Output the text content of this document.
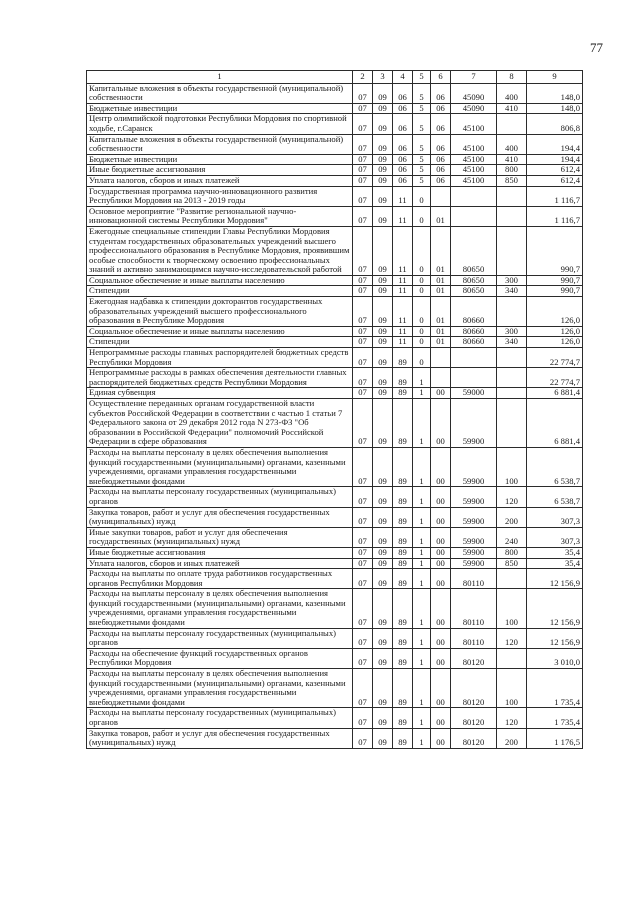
77
1	2	3	4	5	6	7	8	9
Капитальные вложения в объекты государственной (муниципальной) собственности	07	09	06	5	06	45090	400	148,0
Бюджетные инвестиции	07	09	06	5	06	45090	410	148,0
Центр олимпийской подготовки Республики Мордовия по спортивной ходьбе, г.Саранск	07	09	06	5	06	45100		806,8
Капитальные вложения в объекты государственной (муниципальной) собственности	07	09	06	5	06	45100	400	194,4
Бюджетные инвестиции	07	09	06	5	06	45100	410	194,4
Иные бюджетные ассигнования	07	09	06	5	06	45100	800	612,4
Уплата налогов, сборов и иных платежей	07	09	06	5	06	45100	850	612,4
Государственная программа научно-инновационного развития Республики Мордовия на 2013 - 2019 годы	07	09	11	0				1 116,7
Основное мероприятие "Развитие региональной научно-инновационной системы Республики Мордовия"	07	09	11	0	01			1 116,7
Ежегодные специальные стипендии Главы Республики Мордовия студентам государственных образовательных учреждений высшего профессионального образования в Республике Мордовия, проявившим особые способности к творческому освоению профессиональных знаний и активно занимающимся научно-исследовательской работой	07	09	11	0	01	80650		990,7
Социальное обеспечение и иные выплаты населению	07	09	11	0	01	80650	300	990,7
Стипендии	07	09	11	0	01	80650	340	990,7
Ежегодная надбавка к стипендии докторантов государственных образовательных учреждений высшего профессионального образования в Республике Мордовия	07	09	11	0	01	80660		126,0
Социальное обеспечение и иные выплаты населению	07	09	11	0	01	80660	300	126,0
Стипендии	07	09	11	0	01	80660	340	126,0
Непрограммные расходы главных распорядителей бюджетных средств Республики Мордовия	07	09	89	0				22 774,7
Непрограммные расходы в рамках обеспечения деятельности главных распорядителей бюджетных средств Республики Мордовия	07	09	89	1				22 774,7
Единая субвенция	07	09	89	1	00	59000		6 881,4
Осуществление переданных органам государственной власти субъектов Российской Федерации в соответствии с частью 1 статьи 7 Федерального закона от 29 декабря 2012 года N 273-ФЗ "Об образовании в Российской Федерации" полномочий Российской Федерации в сфере образования	07	09	89	1	00	59900		6 881,4
Расходы на выплаты персоналу в целях обеспечения выполнения функций государственными (муниципальными) органами, казенными учреждениями, органами управления государственными внебюджетными фондами	07	09	89	1	00	59900	100	6 538,7
Расходы на выплаты персоналу государственных (муниципальных) органов	07	09	89	1	00	59900	120	6 538,7
Закупка товаров, работ и услуг для обеспечения государственных (муниципальных) нужд	07	09	89	1	00	59900	200	307,3
Иные закупки товаров, работ и услуг для обеспечения государственных (муниципальных) нужд	07	09	89	1	00	59900	240	307,3
Иные бюджетные ассигнования	07	09	89	1	00	59900	800	35,4
Уплата налогов, сборов и иных платежей	07	09	89	1	00	59900	850	35,4
Расходы на выплаты по оплате труда работников государственных органов Республики Мордовия	07	09	89	1	00	80110		12 156,9
Расходы на выплаты персоналу в целях обеспечения выполнения функций государственными (муниципальными) органами, казенными учреждениями, органами управления государственными внебюджетными фондами	07	09	89	1	00	80110	100	12 156,9
Расходы на выплаты персоналу государственных (муниципальных) органов	07	09	89	1	00	80110	120	12 156,9
Расходы на обеспечение функций государственных органов Республики Мордовия	07	09	89	1	00	80120		3 010,0
Расходы на выплаты персоналу в целях обеспечения выполнения функций государственными (муниципальными) органами, казенными учреждениями, органами управления государственными внебюджетными фондами	07	09	89	1	00	80120	100	1 735,4
Расходы на выплаты персоналу государственных (муниципальных) органов	07	09	89	1	00	80120	120	1 735,4
Закупка товаров, работ и услуг для обеспечения государственных (муниципальных) нужд	07	09	89	1	00	80120	200	1 176,5
